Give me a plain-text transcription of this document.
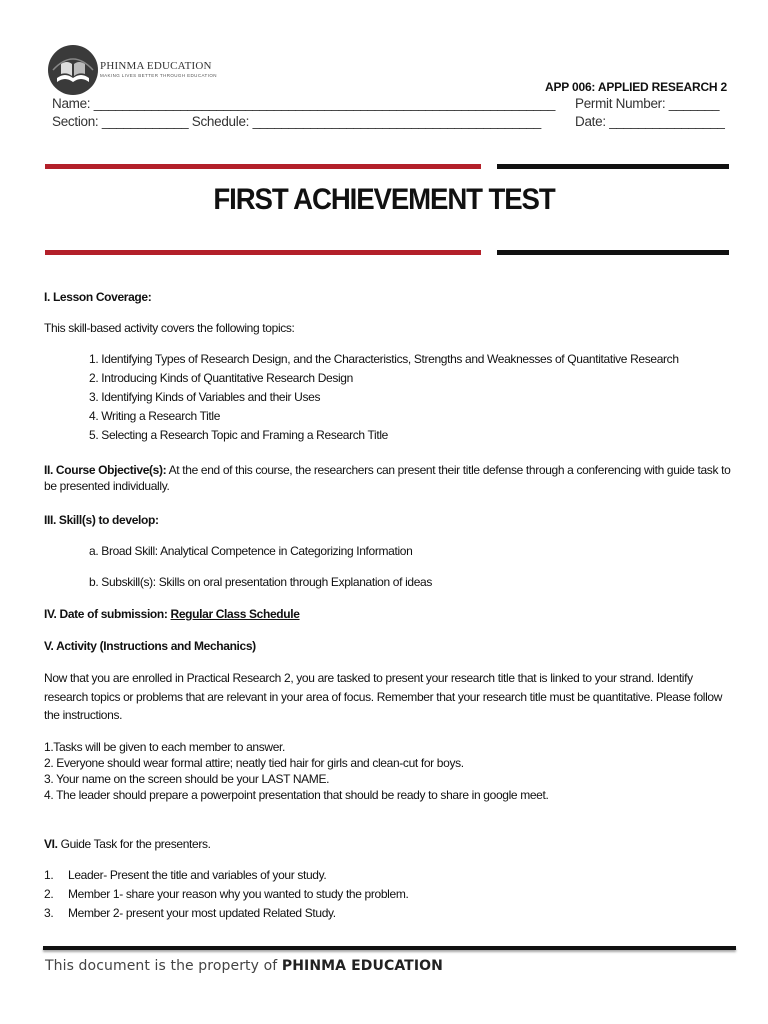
PHINMA EDUCATION
MAKING LIVES BETTER THROUGH EDUCATION
APP 006: APPLIED RESEARCH 2
Name: ________________________________________________________________ Permit Number: _______
Section: ____________ Schedule: ________________________________________	Date: ________________
FIRST ACHIEVEMENT TEST
I. Lesson Coverage:
This skill-based activity covers the following topics:
1. Identifying Types of Research Design, and the Characteristics, Strengths and Weaknesses of Quantitative Research
2. Introducing Kinds of Quantitative Research Design
3. Identifying Kinds of Variables and their Uses
4. Writing a Research Title
5. Selecting a Research Topic and Framing a Research Title
II. Course Objective(s): At the end of this course, the researchers can present their title defense through a conferencing with guide task to be presented individually.
III. Skill(s) to develop:
a. Broad Skill: Analytical Competence in Categorizing Information
b. Subskill(s): Skills on oral presentation through Explanation of ideas
IV. Date of submission: Regular Class Schedule
V. Activity (Instructions and Mechanics)
Now that you are enrolled in Practical Research 2, you are tasked to present your research title that is linked to your strand. Identify research topics or problems that are relevant in your area of focus. Remember that your research title must be quantitative. Please follow the instructions.
1.Tasks will be given to each member to answer.
2. Everyone should wear formal attire; neatly tied hair for girls and clean-cut for boys.
3. Your name on the screen should be your LAST NAME.
4. The leader should prepare a powerpoint presentation that should be ready to share in google meet.
VI. Guide Task for the presenters.
1. Leader- Present the title and variables of your study.
2. Member 1- share your reason why you wanted to study the problem.
3. Member 2- present your most updated Related Study.
This document is the property of PHINMA EDUCATION
